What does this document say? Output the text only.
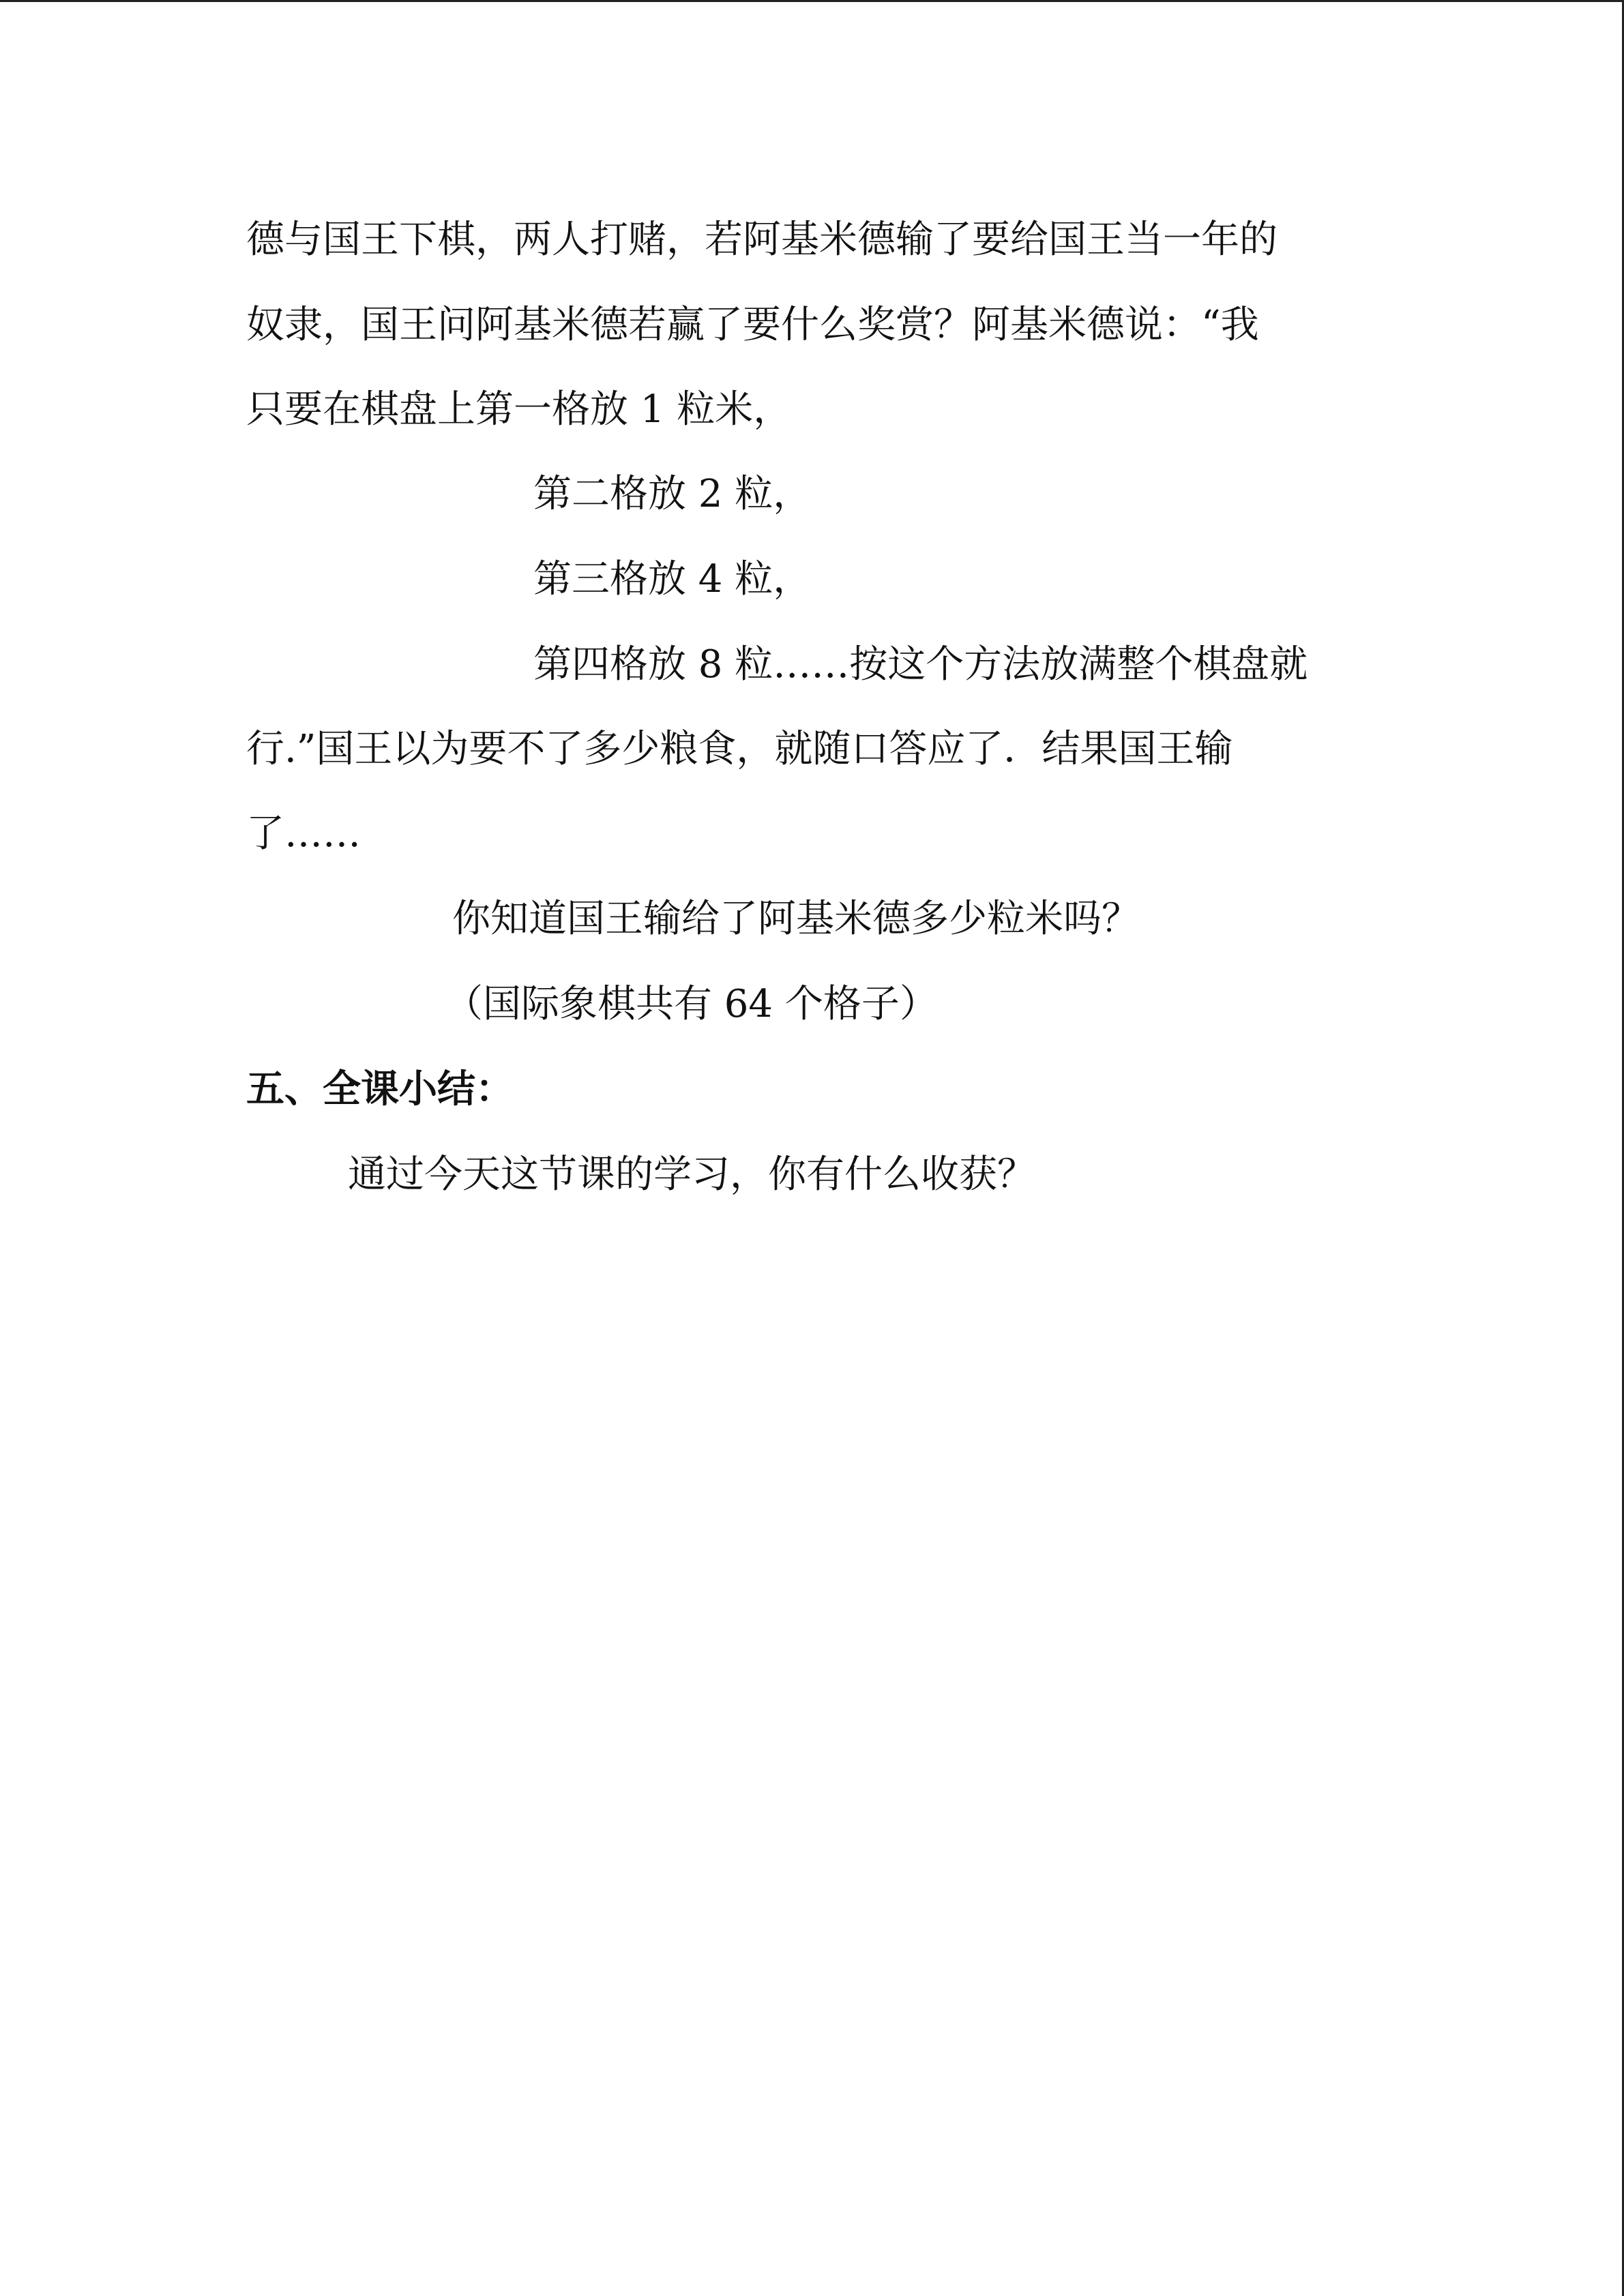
德与国王下棋，两人打赌，若阿基米德输了要给国王当一年的
奴隶，国王问阿基米德若赢了要什么奖赏？阿基米德说：“我
只要在棋盘上第一格放 1 粒米，
第二格放 2 粒，
第三格放 4 粒，
第四格放 8 粒……按这个方法放满整个棋盘就
行.”国王以为要不了多少粮食，就随口答应了．结果国王输
了……
你知道国王输给了阿基米德多少粒米吗？
（国际象棋共有 64 个格子）
五、全课小结：
通过今天这节课的学习，你有什么收获？
